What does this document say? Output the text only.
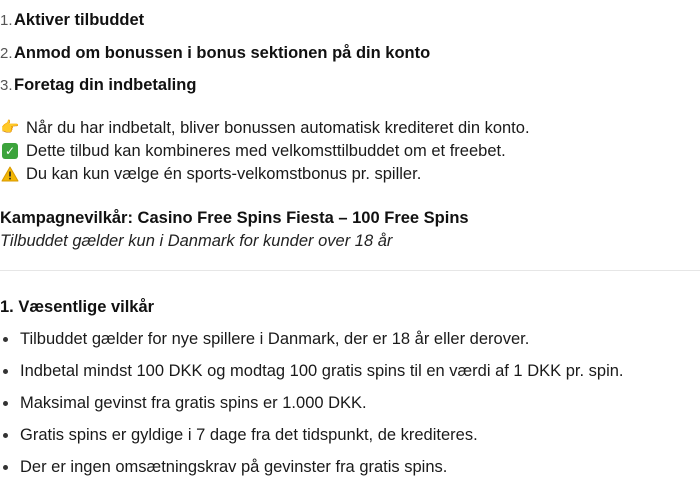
1. Aktiver tilbuddet
2. Anmod om bonussen i bonus sektionen på din konto
3. Foretag din indbetaling
👉 Når du har indbetalt, bliver bonussen automatisk krediteret din konto.
✓ Dette tilbud kan kombineres med velkomsttilbuddet om et freebet.
Du kan kun vælge én sports-velkomstbonus pr. spiller.
Kampagnevilkår: Casino Free Spins Fiesta – 100 Free Spins
Tilbuddet gælder kun i Danmark for kunder over 18 år
1. Væsentlige vilkår
Tilbuddet gælder for nye spillere i Danmark, der er 18 år eller derover.
Indbetal mindst 100 DKK og modtag 100 gratis spins til en værdi af 1 DKK pr. spin.
Maksimal gevinst fra gratis spins er 1.000 DKK.
Gratis spins er gyldige i 7 dage fra det tidspunkt, de krediteres.
Der er ingen omsætningskrav på gevinster fra gratis spins.
